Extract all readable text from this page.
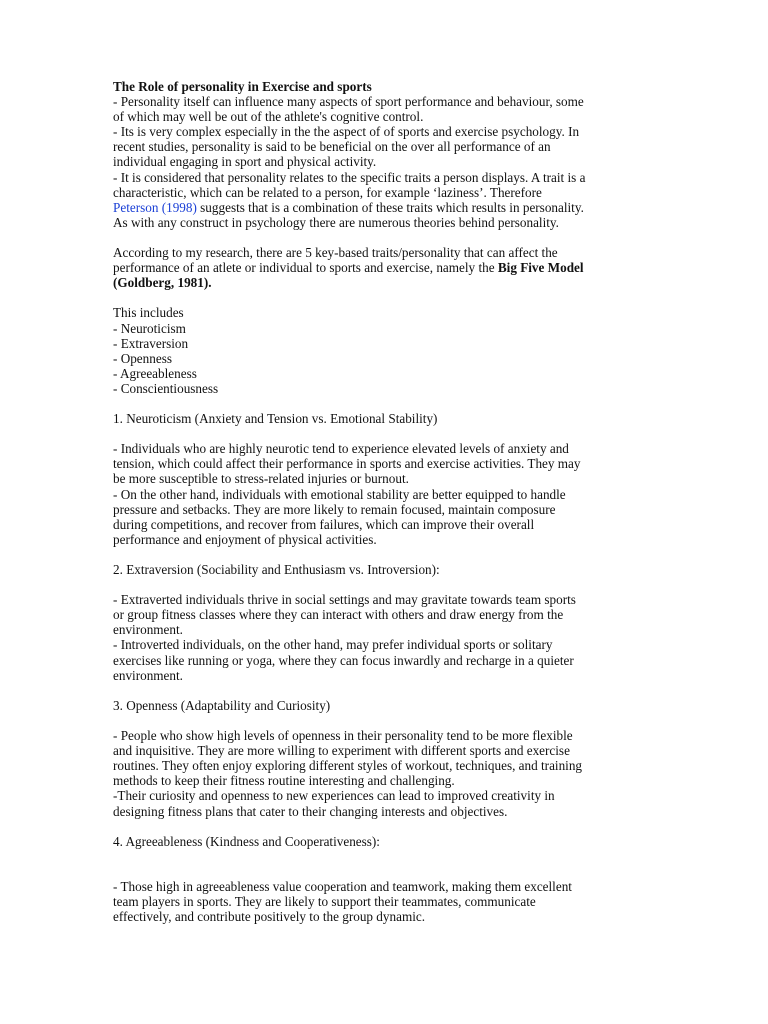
The Role of personality in Exercise and sports
- Personality itself can influence many aspects of sport performance and behaviour, some
of which may well be out of the athlete's cognitive control.
- Its is very complex especially in the the aspect of of sports and exercise psychology. In
recent studies, personality is said to be beneficial on the over all performance of an
individual engaging in sport and physical activity.
- It is considered that personality relates to the specific traits a person displays. A trait is a
characteristic, which can be related to a person, for example ‘laziness’. Therefore
Peterson (1998) suggests that is a combination of these traits which results in personality.
As with any construct in psychology there are numerous theories behind personality.
According to my research, there are 5 key-based traits/personality that can affect the
performance of an atlete or individual to sports and exercise, namely the Big Five Model
(Goldberg, 1981).
This includes
- Neuroticism
- Extraversion
- Openness
- Agreeableness
- Conscientiousness
1. Neuroticism (Anxiety and Tension vs. Emotional Stability)
- Individuals who are highly neurotic tend to experience elevated levels of anxiety and
tension, which could affect their performance in sports and exercise activities. They may
be more susceptible to stress-related injuries or burnout.
- On the other hand, individuals with emotional stability are better equipped to handle
pressure and setbacks. They are more likely to remain focused, maintain composure
during competitions, and recover from failures, which can improve their overall
performance and enjoyment of physical activities.
2. Extraversion (Sociability and Enthusiasm vs. Introversion):
- Extraverted individuals thrive in social settings and may gravitate towards team sports
or group fitness classes where they can interact with others and draw energy from the
environment.
- Introverted individuals, on the other hand, may prefer individual sports or solitary
exercises like running or yoga, where they can focus inwardly and recharge in a quieter
environment.
3. Openness (Adaptability and Curiosity)
- People who show high levels of openness in their personality tend to be more flexible
and inquisitive. They are more willing to experiment with different sports and exercise
routines. They often enjoy exploring different styles of workout, techniques, and training
methods to keep their fitness routine interesting and challenging.
-Their curiosity and openness to new experiences can lead to improved creativity in
designing fitness plans that cater to their changing interests and objectives.
4. Agreeableness (Kindness and Cooperativeness):
- Those high in agreeableness value cooperation and teamwork, making them excellent
team players in sports. They are likely to support their teammates, communicate
effectively, and contribute positively to the group dynamic.
